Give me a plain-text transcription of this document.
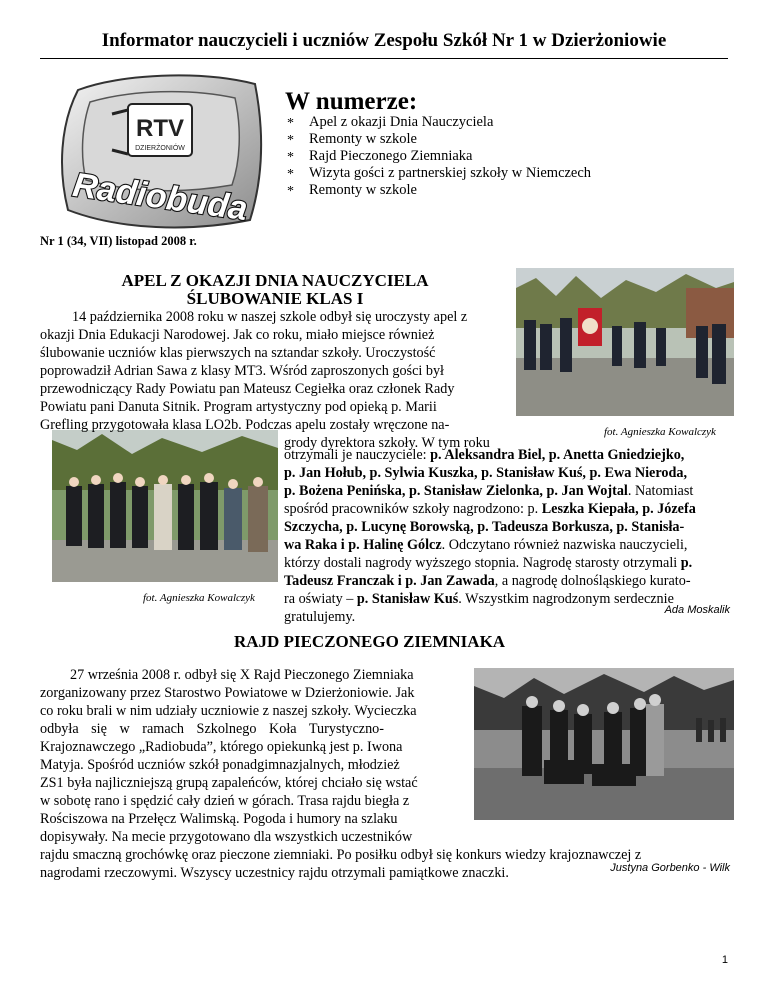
Informator nauczycieli i uczniów Zespołu Szkół Nr 1 w Dzierżoniowie
RTV
DZIERŻONIÓW
Radiobuda
W numerze:
* Apel z okazji Dnia Nauczyciela
* Remonty w szkole
* Rajd Pieczonego Ziemniaka
* Wizyta gości z partnerskiej szkoły w Niemczech
* Remonty w szkole
Nr 1 (34, VII) listopad 2008 r.
APEL Z OKAZJI DNIA NAUCZYCIELA
ŚLUBOWANIE KLAS I
fot. Agnieszka Kowalczyk
fot. Agnieszka Kowalczyk
14 października 2008 roku w naszej szkole odbył się uroczysty apel z
okazji Dnia Edukacji Narodowej. Jak co roku, miało miejsce również
ślubowanie uczniów klas pierwszych na sztandar szkoły. Uroczystość
poprowadził Adrian Sawa z klasy MT3. Wśród zaproszonych gości był
przewodniczący Rady Powiatu pan Mateusz Cegiełka oraz członek Rady
Powiatu pani Danuta Sitnik. Program artystyczny pod opieką p. Marii
Grefling przygotowała klasa LO2b. Podczas apelu zostały wręczone na-
grody dyrektora szkoły. W tym roku
otrzymali je nauczyciele: p. Aleksandra Biel, p. Anetta Gniedziejko,
p. Jan Hołub, p. Sylwia Kuszka, p. Stanisław Kuś, p. Ewa Nieroda,
p. Bożena Penińska, p. Stanisław Zielonka, p. Jan Wojtal. Natomiast
spośród pracowników szkoły nagrodzono: p. Leszka Kiepała, p. Józefa
Szczycha, p. Lucynę Borowską, p. Tadeusza Borkusza, p. Stanisła-
wa Raka i p. Halinę Gólcz. Odczytano również nazwiska nauczycieli,
którzy dostali nagrody wyższego stopnia. Nagrodę starosty otrzymali p.
Tadeusz Franczak i p. Jan Zawada, a nagrodę dolnośląskiego kurato-
ra oświaty – p. Stanisław Kuś. Wszystkim nagrodzonym serdecznie
gratulujemy.	Ada Moskalik
RAJD PIECZONEGO ZIEMNIAKA
27 września 2008 r. odbył się X Rajd Pieczonego Ziemniaka
zorganizowany przez Starostwo Powiatowe w Dzierżoniowie. Jak
co roku brali w nim udziały uczniowie z naszej szkoły. Wycieczka
odbyła się w ramach Szkolnego Koła Turystyczno-
Krajoznawczego „Radiobuda”, którego opiekunką jest p. Iwona
Matyja. Spośród uczniów szkół ponadgimnazjalnych, młodzież
ZS1 była najliczniejszą grupą zapaleńców, której chciało się wstać
w sobotę rano i spędzić cały dzień w górach. Trasa rajdu biegła z
Rościszowa na Przełęcz Walimską. Pogoda i humory na szlaku
dopisywały. Na mecie przygotowano dla wszystkich uczestników
rajdu smaczną grochówkę oraz pieczone ziemniaki. Po posiłku odbył się konkurs wiedzy krajoznawczej z
nagrodami rzeczowymi. Wszyscy uczestnicy rajdu otrzymali pamiątkowe znaczki.	Justyna Gorbenko - Wilk
1
